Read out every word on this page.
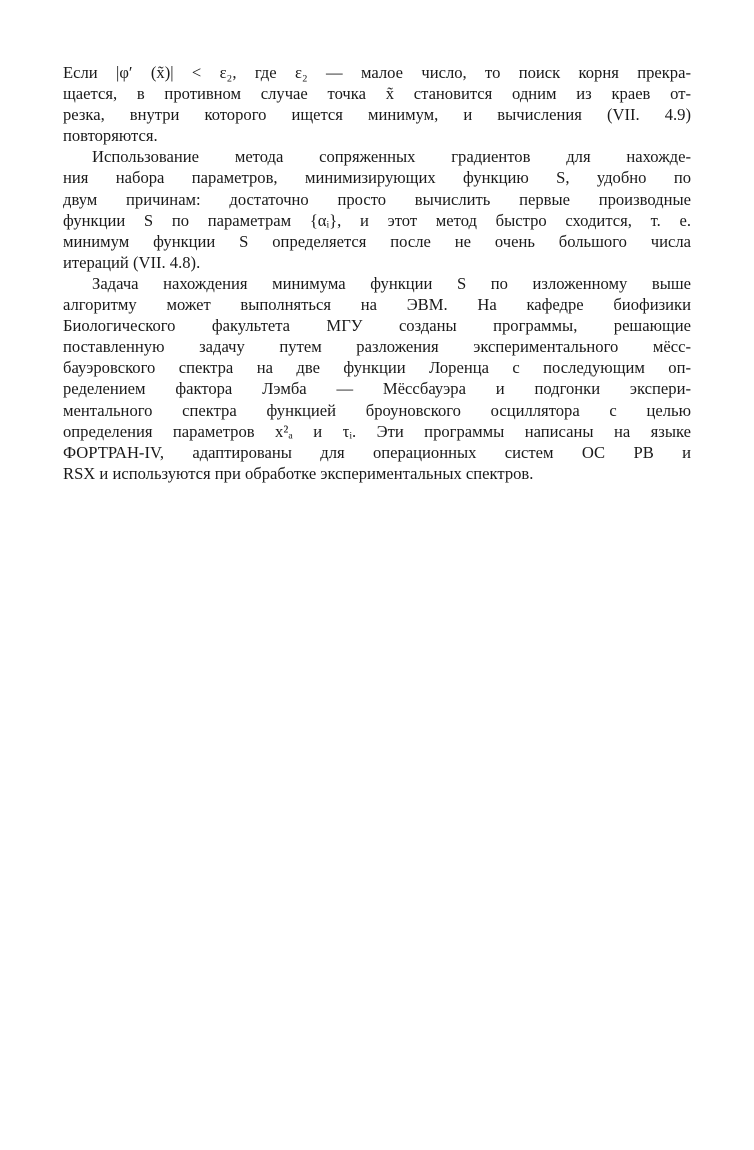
Если |φ′ (x̃)| < ε₂, где ε₂ — малое число, то поиск корня прекра-
щается, в противном случае точка x̃ становится одним из краев от-
резка, внутри которого ищется минимум, и вычисления (VII. 4.9)
повторяются.
Использование метода сопряженных градиентов для нахожде-
ния набора параметров, минимизирующих функцию S, удобно по
двум причинам: достаточно просто вычислить первые производные
функции S по параметрам {αᵢ}, и этот метод быстро сходится, т. е.
минимум функции S определяется после не очень большого числа
итераций (VII. 4.8).
Задача нахождения минимума функции S по изложенному выше
алгоритму может выполняться на ЭВМ. На кафедре биофизики
Биологического факультета МГУ созданы программы, решающие
поставленную задачу путем разложения экспериментального мёсс-
бауэровского спектра на две функции Лоренца с последующим оп-
ределением фактора Лэмба — Мёссбауэра и подгонки экспери-
ментального спектра функцией броуновского осциллятора с целью
определения параметров x²ₐ и τᵢ. Эти программы написаны на языке
ФОРТРАН-IV, адаптированы для операционных систем ОС РВ и
RSX и используются при обработке экспериментальных спектров.
